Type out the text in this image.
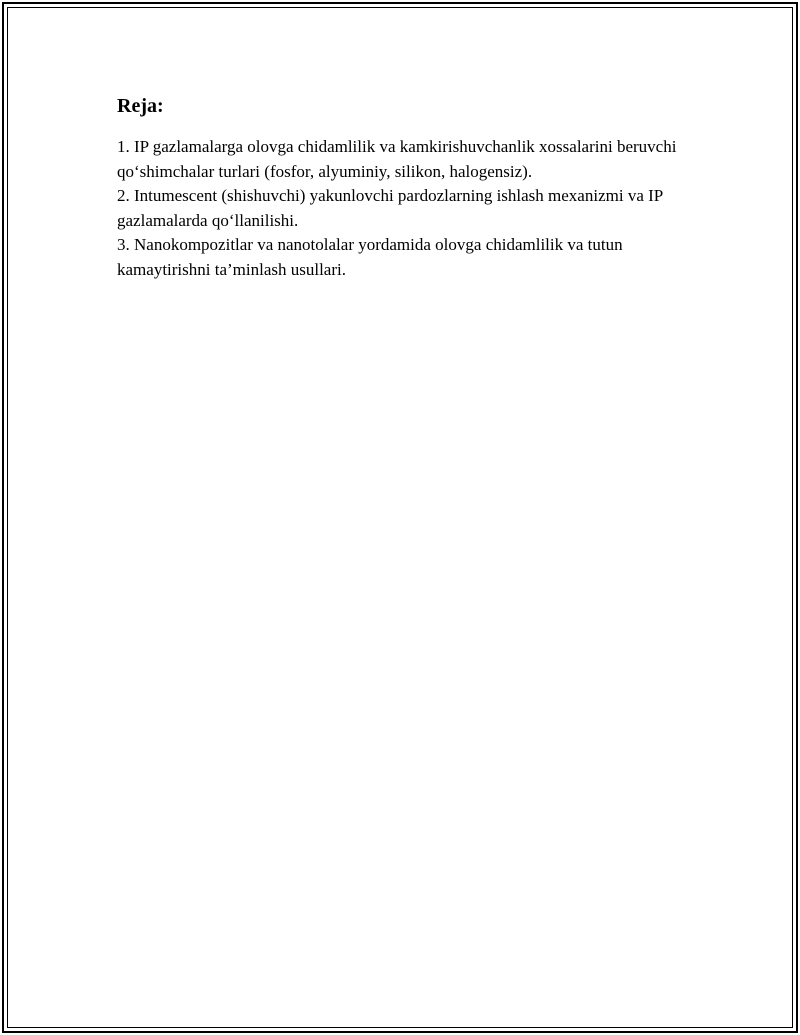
Reja:

1. IP gazlamalarga olovga chidamlilik va kamkirishuvchanlik xossalarini beruvchi qo‘shimchalar turlari (fosfor, alyuminiy, silikon, halogensiz).

2. Intumescent (shishuvchi) yakunlovchi pardozlarning ishlash mexanizmi va IP gazlamalarda qo‘llanilishi.

3. Nanokompozitlar va nanotolalar yordamida olovga chidamlilik va tutun kamaytirishni ta’minlash usullari.
